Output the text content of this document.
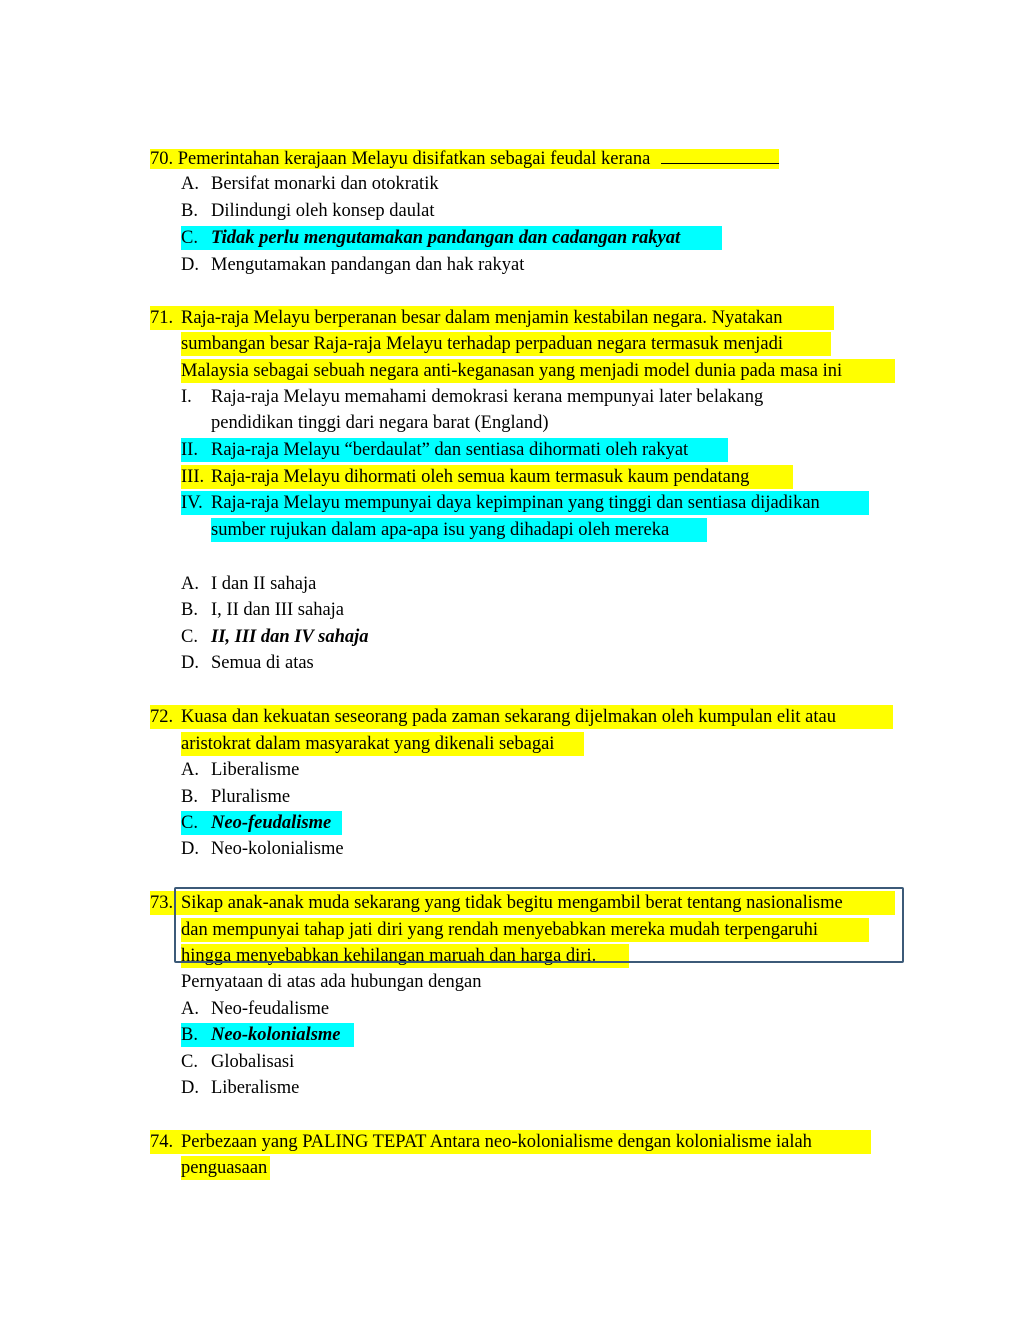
70. Pemerintahan kerajaan Melayu disifatkan sebagai feudal kerana
A. Bersifat monarki dan otokratik
B. Dilindungi oleh konsep daulat
C. Tidak perlu mengutamakan pandangan dan cadangan rakyat
D. Mengutamakan pandangan dan hak rakyat
71. Raja-raja Melayu berperanan besar dalam menjamin kestabilan negara. Nyatakan
sumbangan besar Raja-raja Melayu terhadap perpaduan negara termasuk menjadi
Malaysia sebagai sebuah negara anti-keganasan yang menjadi model dunia pada masa ini
I. Raja-raja Melayu memahami demokrasi kerana mempunyai later belakang
pendidikan tinggi dari negara barat (England)
II. Raja-raja Melayu “berdaulat” dan sentiasa dihormati oleh rakyat
III. Raja-raja Melayu dihormati oleh semua kaum termasuk kaum pendatang
IV. Raja-raja Melayu mempunyai daya kepimpinan yang tinggi dan sentiasa dijadikan
sumber rujukan dalam apa-apa isu yang dihadapi oleh mereka
A. I dan II sahaja
B. I, II dan III sahaja
C. II, III dan IV sahaja
D. Semua di atas
72. Kuasa dan kekuatan seseorang pada zaman sekarang dijelmakan oleh kumpulan elit atau
aristokrat dalam masyarakat yang dikenali sebagai
A. Liberalisme
B. Pluralisme
C. Neo-feudalisme
D. Neo-kolonialisme
73. Sikap anak-anak muda sekarang yang tidak begitu mengambil berat tentang nasionalisme
dan mempunyai tahap jati diri yang rendah menyebabkan mereka mudah terpengaruhi
hingga menyebabkan kehilangan maruah dan harga diri.
Pernyataan di atas ada hubungan dengan
A. Neo-feudalisme
B. Neo-kolonialsme
C. Globalisasi
D. Liberalisme
74. Perbezaan yang PALING TEPAT Antara neo-kolonialisme dengan kolonialisme ialah
penguasaan
